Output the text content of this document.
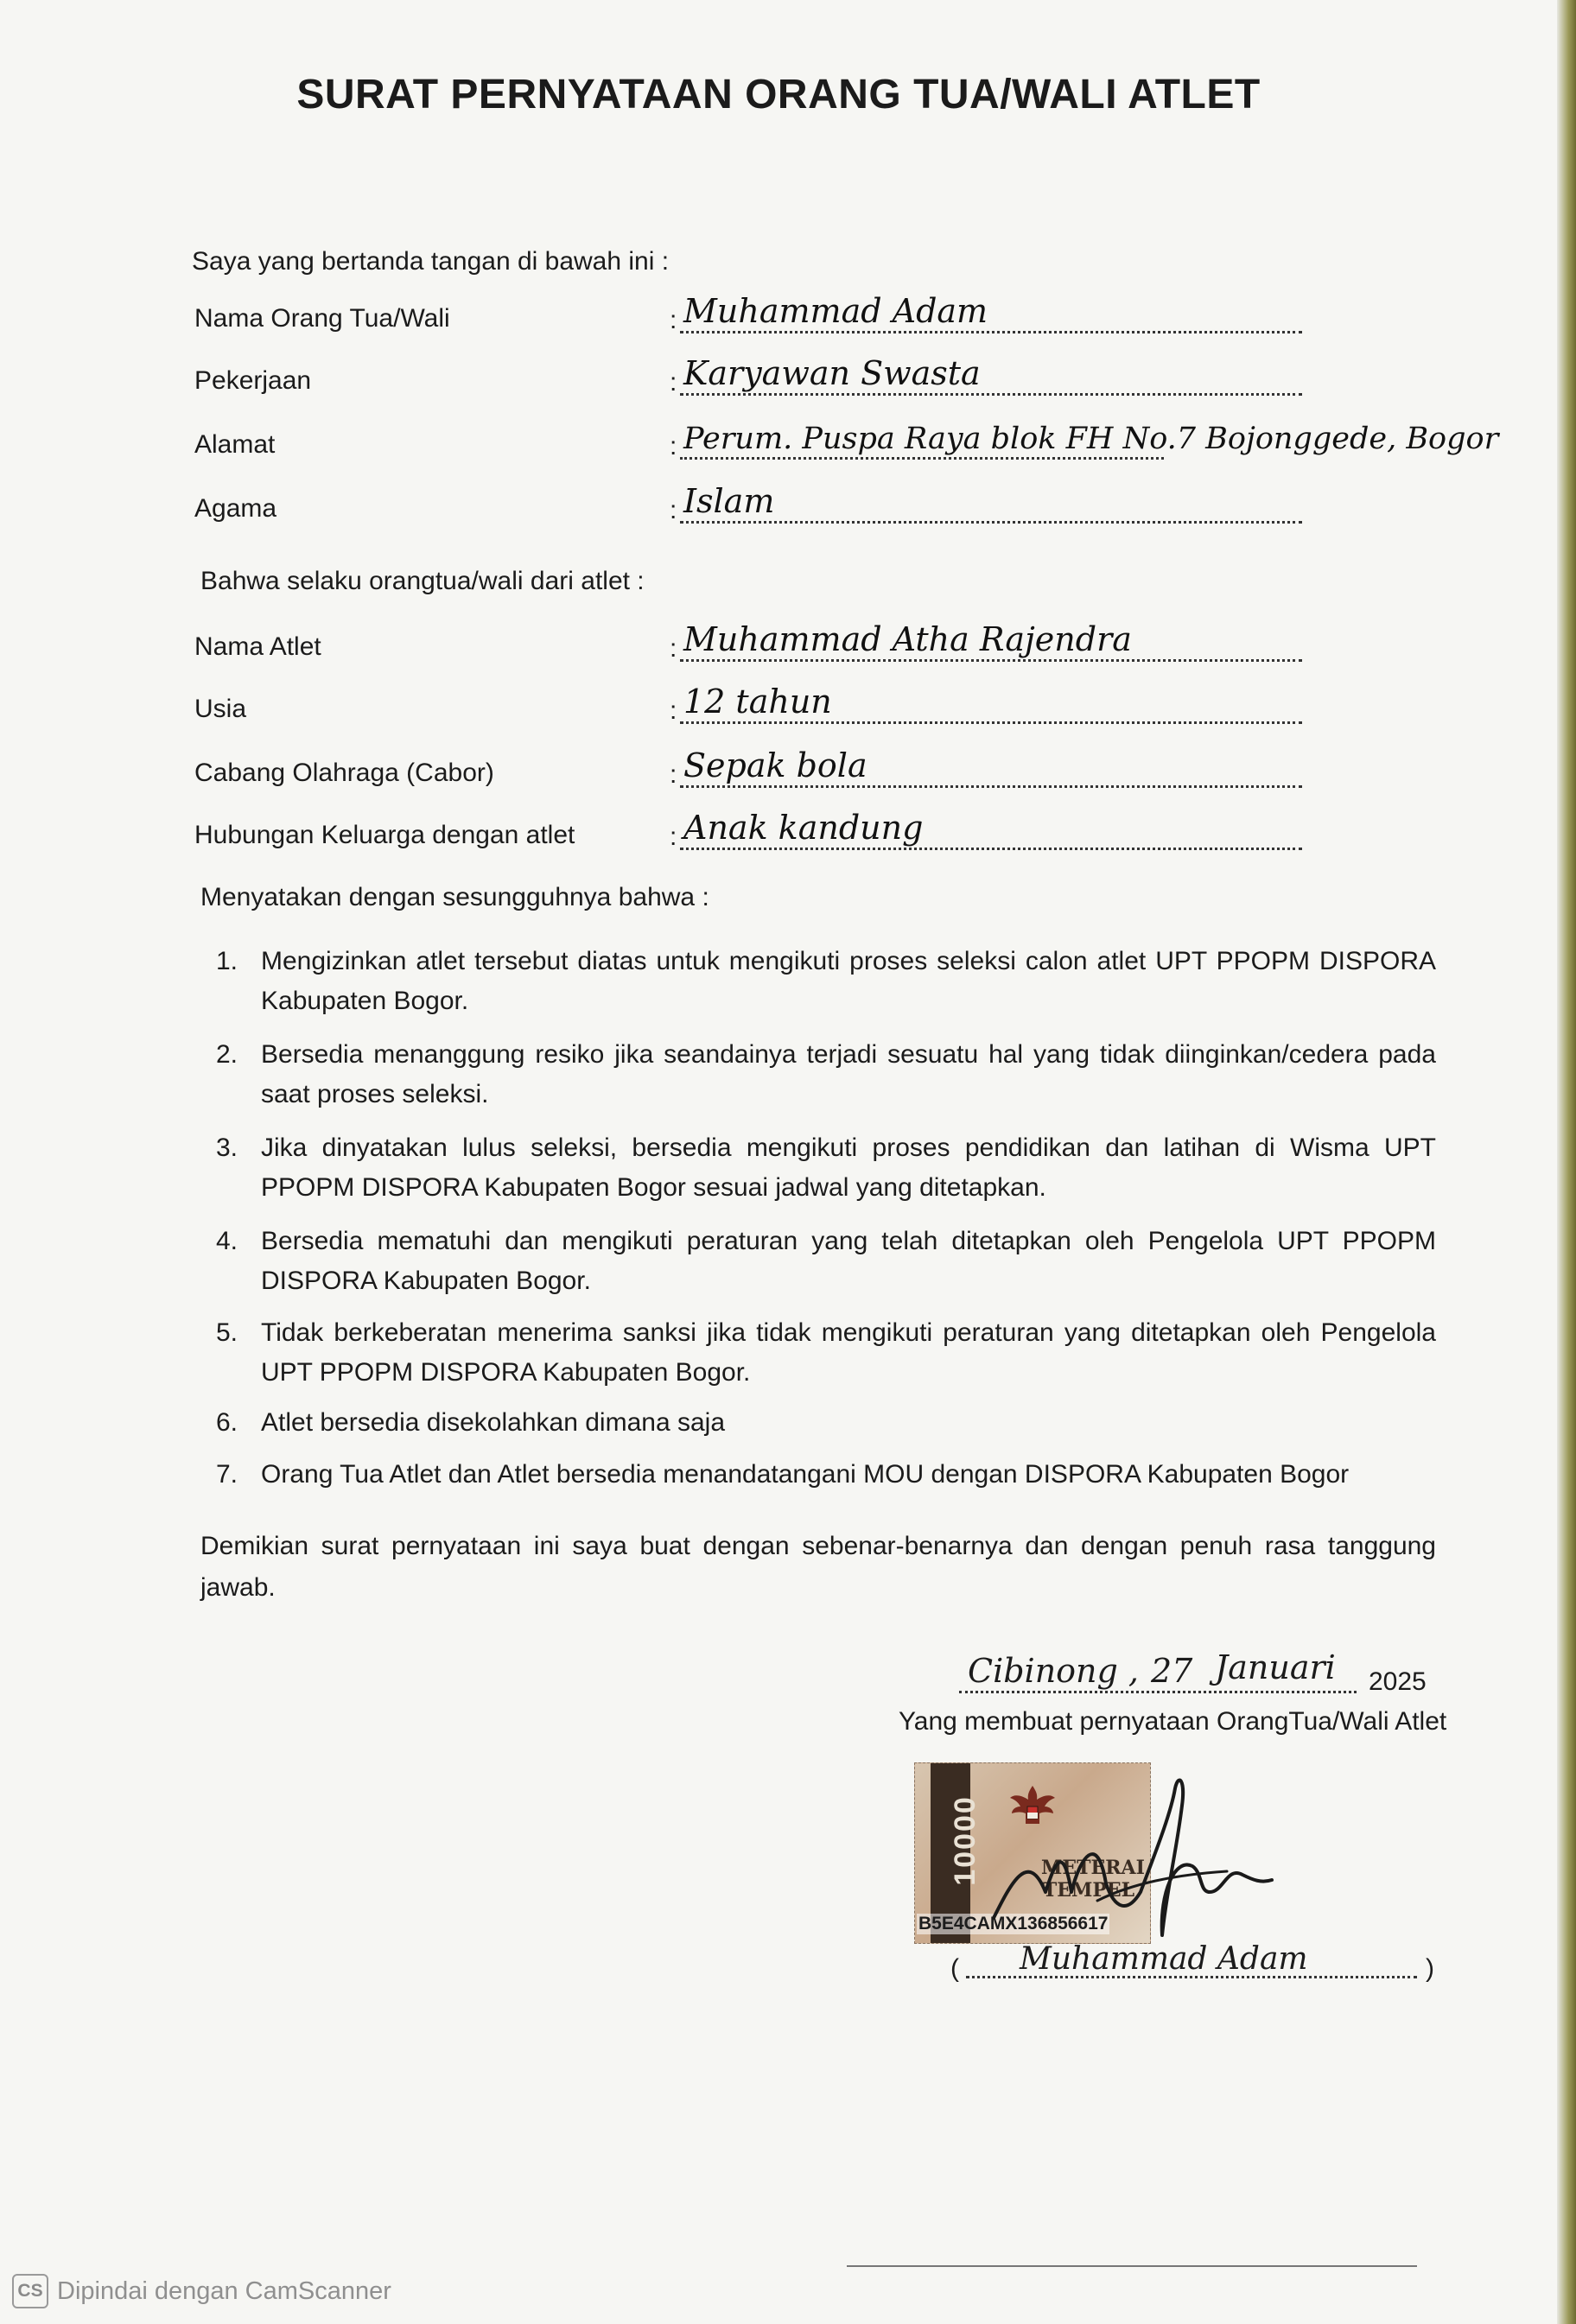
SURAT PERNYATAAN ORANG TUA/WALI ATLET
Saya yang bertanda tangan di bawah ini :
Nama Orang Tua/Wali	: Muhammad Adam
Pekerjaan	: Karyawan Swasta
Alamat	: Perum. Puspa Raya blok FH No.7 Bojonggede, Bogor
Agama	: Islam
Bahwa selaku orangtua/wali dari atlet :
Nama Atlet	: Muhammad Atha Rajendra
Usia	: 12 tahun
Cabang Olahraga (Cabor)	: Sepak bola
Hubungan Keluarga dengan atlet	: Anak kandung
Menyatakan dengan sesungguhnya bahwa :
1. Mengizinkan atlet tersebut diatas untuk mengikuti proses seleksi calon atlet UPT PPOPM DISPORA Kabupaten Bogor.
2. Bersedia menanggung resiko jika seandainya terjadi sesuatu hal yang tidak diinginkan/cedera pada saat proses seleksi.
3. Jika dinyatakan lulus seleksi, bersedia mengikuti proses pendidikan dan latihan di Wisma UPT PPOPM DISPORA Kabupaten Bogor sesuai jadwal yang ditetapkan.
4. Bersedia mematuhi dan mengikuti peraturan yang telah ditetapkan oleh Pengelola UPT PPOPM DISPORA Kabupaten Bogor.
5. Tidak berkeberatan menerima sanksi jika tidak mengikuti peraturan yang ditetapkan oleh Pengelola UPT PPOPM DISPORA Kabupaten Bogor.
6. Atlet bersedia disekolahkan dimana saja
7. Orang Tua Atlet dan Atlet bersedia menandatangani MOU dengan DISPORA Kabupaten Bogor
Demikian surat pernyataan ini saya buat dengan sebenar-benarnya dan dengan penuh rasa tanggung jawab.
Cibinong , 27 Januari 2025
Yang membuat pernyataan OrangTua/Wali Atlet
10000	METERAI TEMPEL
B5E4CAMX136856617
( Muhammad Adam	)
CS Dipindai dengan CamScanner
